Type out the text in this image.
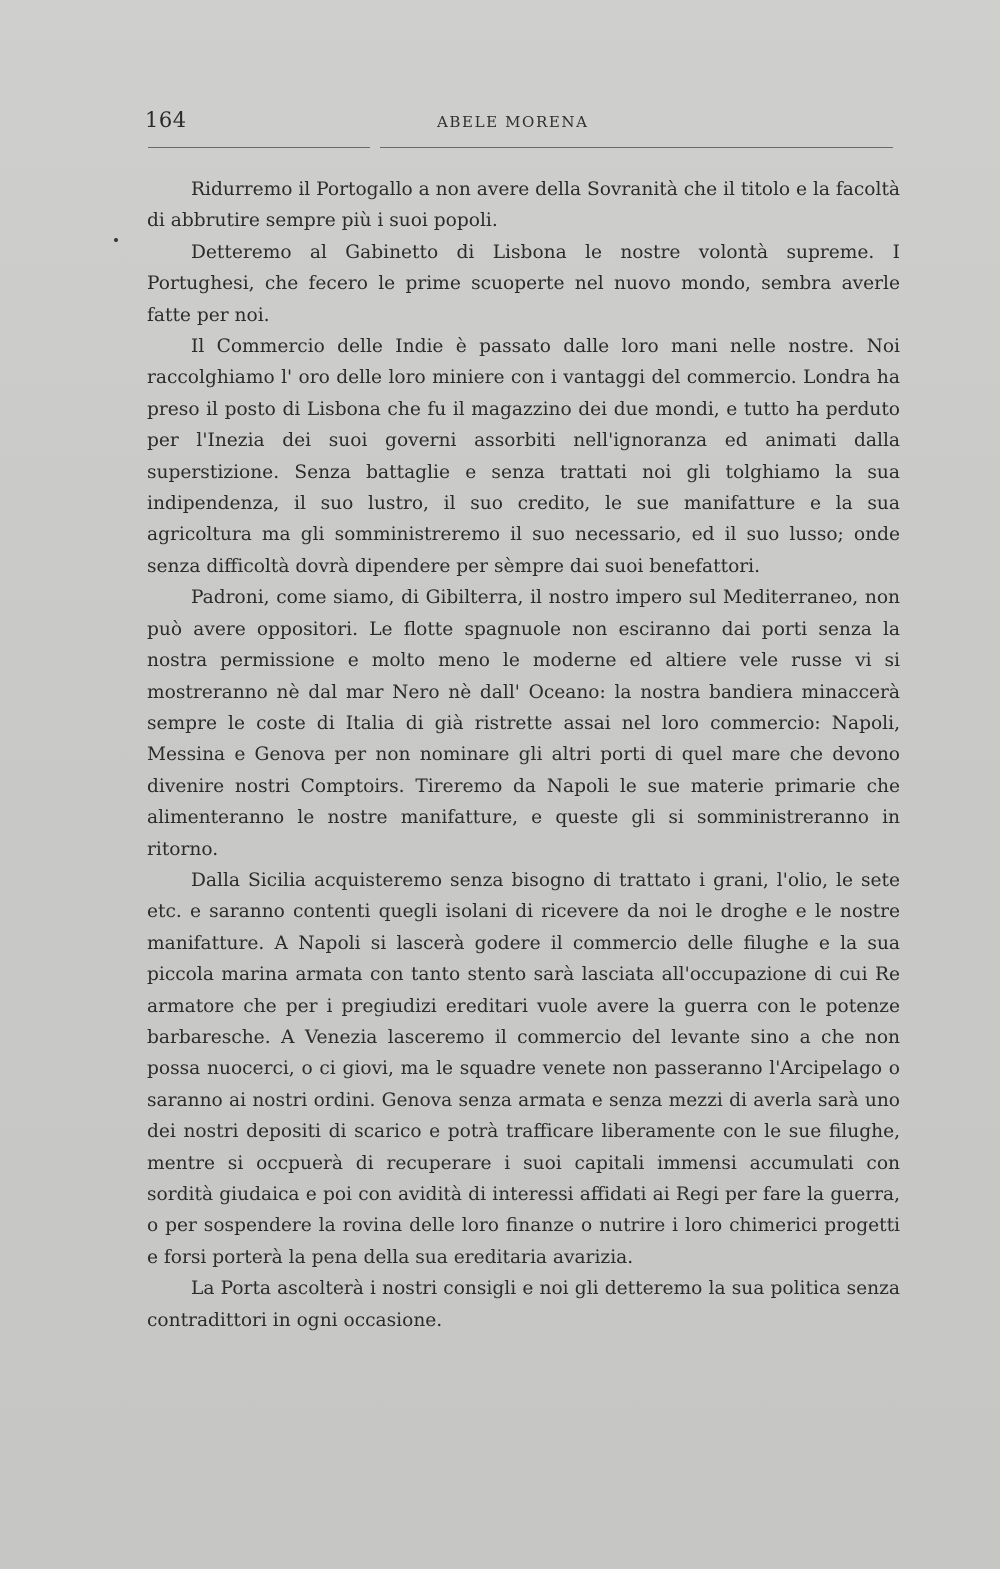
164	ABELE MORENA

Ridurremo il Portogallo a non avere della Sovranità che il titolo e la facoltà di abbrutire sempre più i suoi popoli.

Detteremo al Gabinetto di Lisbona le nostre volontà supreme. I Portughesi, che fecero le prime scuoperte nel nuovo mondo, sembra averle fatte per noi.

Il Commercio delle Indie è passato dalle loro mani nelle nostre. Noi raccolghiamo l' oro delle loro miniere con i vantaggi del commercio. Londra ha preso il posto di Lisbona che fu il magazzino dei due mondi, e tutto ha perduto per l'Inezia dei suoi governi assorbiti nell'ignoranza ed animati dalla superstizione. Senza battaglie e senza trattati noi gli tolghiamo la sua indipendenza, il suo lustro, il suo credito, le sue manifatture e la sua agricoltura ma gli somministreremo il suo necessario, ed il suo lusso; onde senza difficoltà dovrà dipendere per sèmpre dai suoi benefattori.

Padroni, come siamo, di Gibilterra, il nostro impero sul Mediterraneo, non può avere oppositori. Le flotte spagnuole non esciranno dai porti senza la nostra permissione e molto meno le moderne ed altiere vele russe vi si mostreranno nè dal mar Nero nè dall' Oceano: la nostra bandiera minaccerà sempre le coste di Italia di già ristrette assai nel loro commercio: Napoli, Messina e Genova per non nominare gli altri porti di quel mare che devono divenire nostri Comptoirs. Tireremo da Napoli le sue materie primarie che alimenteranno le nostre manifatture, e queste gli si somministreranno in ritorno.

Dalla Sicilia acquisteremo senza bisogno di trattato i grani, l'olio, le sete etc. e saranno contenti quegli isolani di ricevere da noi le droghe e le nostre manifatture. A Napoli si lascerà godere il commercio delle filughe e la sua piccola marina armata con tanto stento sarà lasciata all'occupazione di cui Re armatore che per i pregiudizi ereditari vuole avere la guerra con le potenze barbaresche. A Venezia lasceremo il commercio del levante sino a che non possa nuocerci, o ci giovi, ma le squadre venete non passeranno l'Arcipelago o saranno ai nostri ordini. Genova senza armata e senza mezzi di averla sarà uno dei nostri depositi di scarico e potrà trafficare liberamente con le sue filughe, mentre si occpuerà di recuperare i suoi capitali immensi accumulati con sordità giudaica e poi con avidità di interessi affidati ai Regi per fare la guerra, o per sospendere la rovina delle loro finanze o nutrire i loro chimerici progetti e forsi porterà la pena della sua ereditaria avarizia.

La Porta ascolterà i nostri consigli e noi gli detteremo la sua politica senza contradittori in ogni occasione.
